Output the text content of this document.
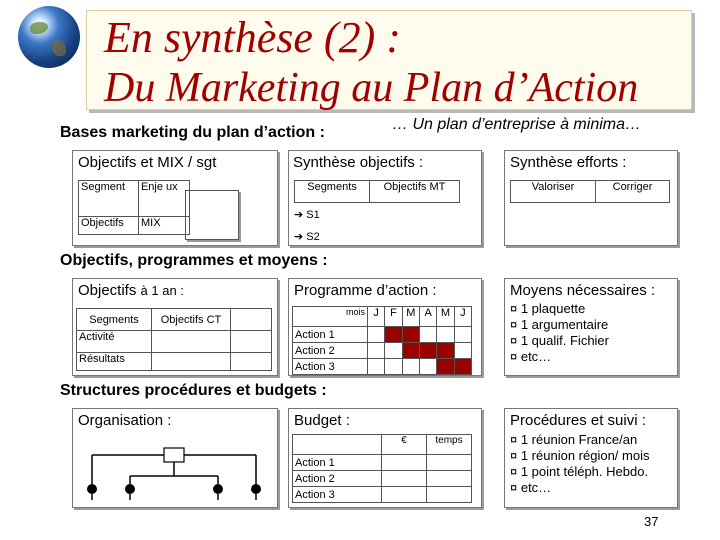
En synthèse (2) :
Du Marketing au Plan d’Action
Bases marketing du plan d’action :	… Un plan d’entreprise à minima…
Objectifs et MIX / sgt
Segment	Enje ux
Objectifs	MIX
Synthèse objectifs :
Segments	Objectifs MT
➔ S1
➔ S2
Synthèse efforts :
Valoriser	Corriger
Objectifs, programmes et moyens :
Objectifs à 1 an :
Segments	Objectifs CT	
Activité		
Résultats		
Programme d’action :
mois	J	F	M	A	M	J
Action 1						
Action 2						
Action 3						
Moyens nécessaires :
¤ 1 plaquette
¤ 1 argumentaire
¤ 1 qualif. Fichier
¤ etc…
Structures procédures et budgets :
Organisation :	Budget :
	€	temps
Action 1		
Action 2		
Action 3		
Procédures et suivi :
¤ 1 réunion France/an
¤ 1 réunion région/ mois
¤ 1 point téléph. Hebdo.
¤ etc…
37
